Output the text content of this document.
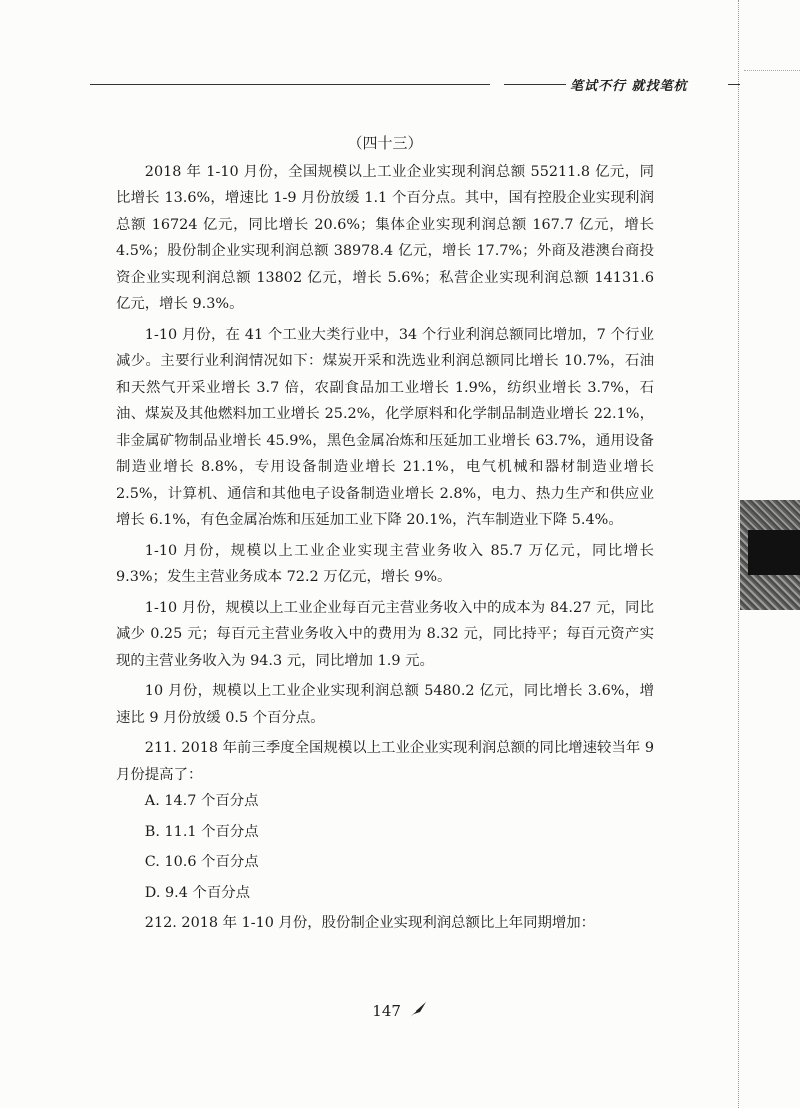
笔试不行 就找笔杭
（四十三）

2018 年 1-10 月份，全国规模以上工业企业实现利润总额 55211.8 亿元，同比增长 13.6%，增速比 1-9 月份放缓 1.1 个百分点。其中，国有控股企业实现利润总额 16724 亿元，同比增长 20.6%；集体企业实现利润总额 167.7 亿元，增长 4.5%；股份制企业实现利润总额 38978.4 亿元，增长 17.7%；外商及港澳台商投资企业实现利润总额 13802 亿元，增长 5.6%；私营企业实现利润总额 14131.6 亿元，增长 9.3%。

1-10 月份，在 41 个工业大类行业中，34 个行业利润总额同比增加，7 个行业减少。主要行业利润情况如下：煤炭开采和洗选业利润总额同比增长 10.7%，石油和天然气开采业增长 3.7 倍，农副食品加工业增长 1.9%，纺织业增长 3.7%，石油、煤炭及其他燃料加工业增长 25.2%，化学原料和化学制品制造业增长 22.1%，非金属矿物制品业增长 45.9%，黑色金属冶炼和压延加工业增长 63.7%，通用设备制造业增长 8.8%，专用设备制造业增长 21.1%，电气机械和器材制造业增长 2.5%，计算机、通信和其他电子设备制造业增长 2.8%，电力、热力生产和供应业增长 6.1%，有色金属冶炼和压延加工业下降 20.1%，汽车制造业下降 5.4%。

1-10 月份，规模以上工业企业实现主营业务收入 85.7 万亿元，同比增长 9.3%；发生主营业务成本 72.2 万亿元，增长 9%。

1-10 月份，规模以上工业企业每百元主营业务收入中的成本为 84.27 元，同比减少 0.25 元；每百元主营业务收入中的费用为 8.32 元，同比持平；每百元资产实现的主营业务收入为 94.3 元，同比增加 1.9 元。

10 月份，规模以上工业企业实现利润总额 5480.2 亿元，同比增长 3.6%，增速比 9 月份放缓 0.5 个百分点。

211. 2018 年前三季度全国规模以上工业企业实现利润总额的同比增速较当年 9 月份提高了：

A. 14.7 个百分点

B. 11.1 个百分点

C. 10.6 个百分点

D. 9.4 个百分点

212. 2018 年 1-10 月份，股份制企业实现利润总额比上年同期增加：

147
